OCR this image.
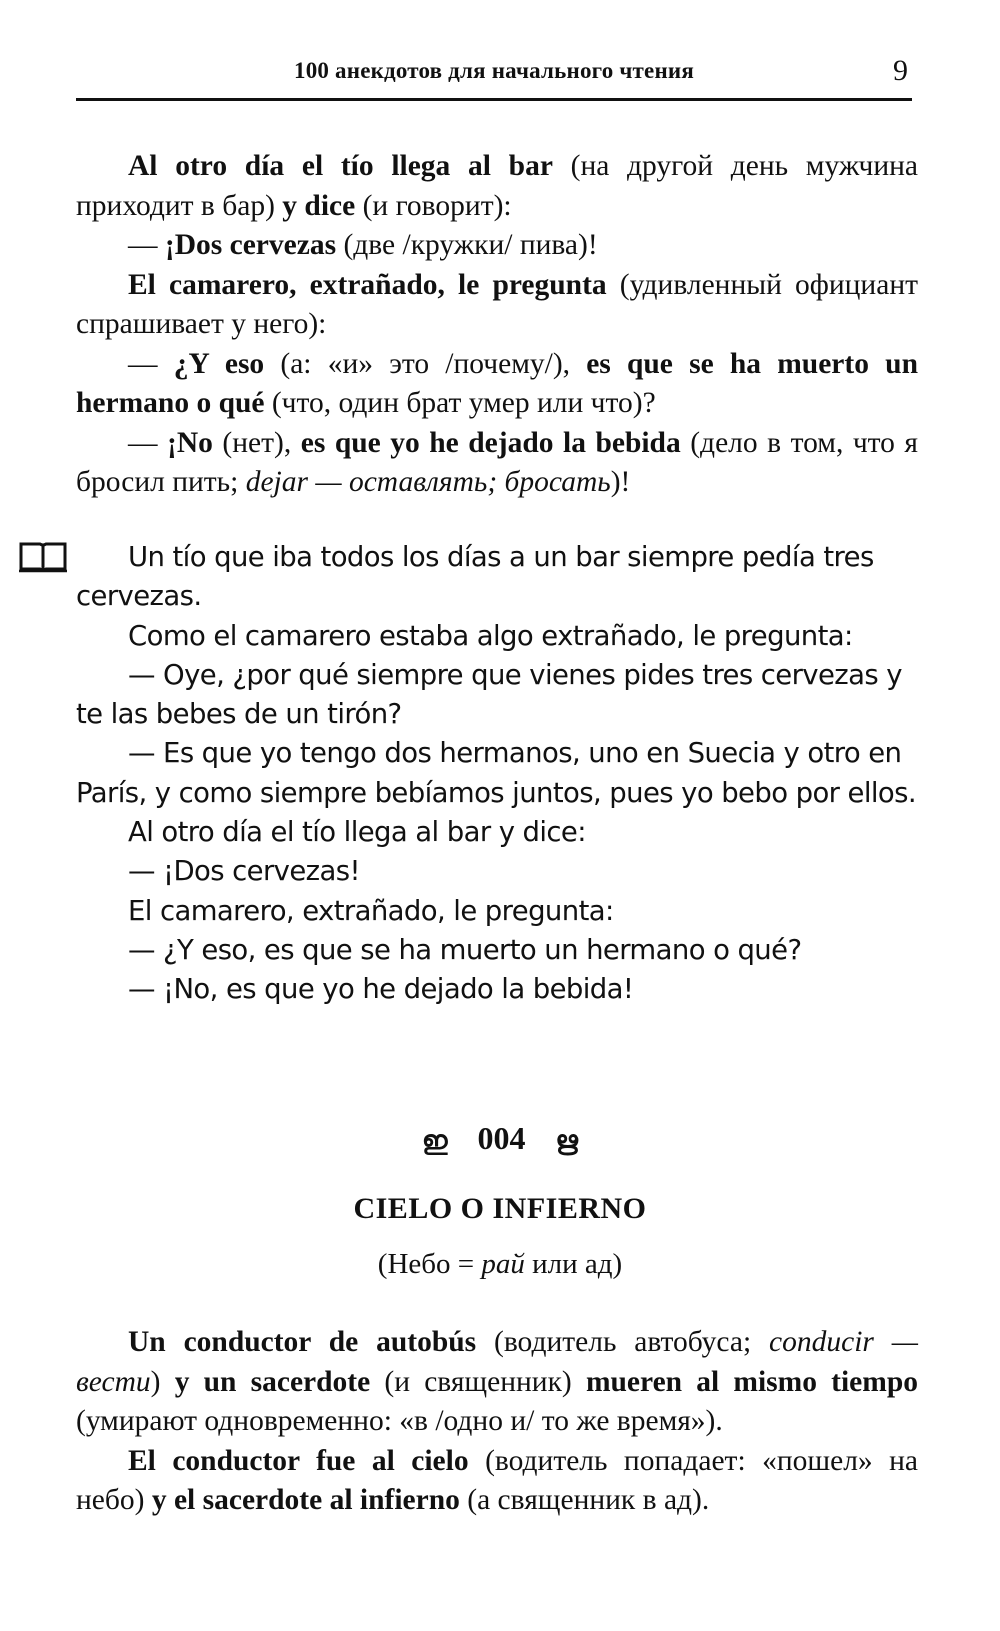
100 анекдотов для начального чтения	9

Al otro día el tío llega al bar (на другой день мужчина приходит в бар) y dice (и говорит):

— ¡Dos cervezas (две /кружки/ пива)!

El camarero, extrañado, le pregunta (удивленный официант спрашивает у него):

— ¿Y eso (а: «и» это /почему/), es que se ha muerto un hermano o qué (что, один брат умер или что)?

— ¡No (нет), es que yo he dejado la bebida (дело в том, что я бросил пить; dejar — оставлять; бросать)!

Un tío que iba todos los días a un bar siempre pedía tres cervezas.

Como el camarero estaba algo extrañado, le pregunta:

— Oye, ¿por qué siempre que vienes pides tres cervezas y te las bebes de un tirón?

— Es que yo tengo dos hermanos, uno en Suecia y otro en París, y como siempre bebíamos juntos, pues yo bebo por ellos.

Al otro día el tío llega al bar y dice:

— ¡Dos cervezas!

El camarero, extrañado, le pregunta:

— ¿Y eso, es que se ha muerto un hermano o qué?

— ¡No, es que yo he dejado la bebida!

ഇ 004 ഋ
CIELO O INFIERNO
(Небо = рай или ад)

Un conductor de autobús (водитель автобуса; conducir — вести) y un sacerdote (и священник) mueren al mismo tiempo (умирают одновременно: «в /одно и/ то же время»).

El conductor fue al cielo (водитель попадает: «пошел» на небо) y el sacerdote al infierno (а священник в ад).
